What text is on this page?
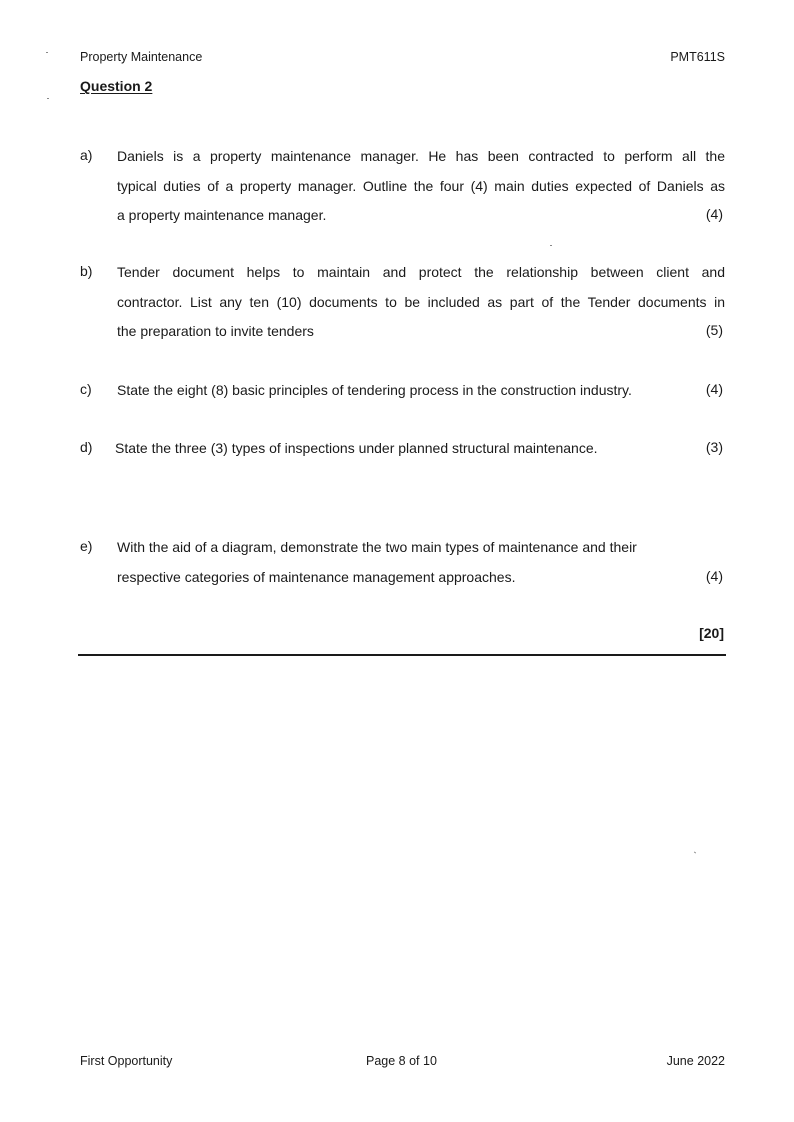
Property Maintenance	PMT611S
Question 2
a) Daniels is a property maintenance manager. He has been contracted to perform all the
typical duties of a property manager. Outline the four (4) main duties expected of Daniels as
a property maintenance manager.	(4)
b) Tender document helps to maintain and protect the relationship between client and
contractor. List any ten (10) documents to be included as part of the Tender documents in
the preparation to invite tenders	(5)
c) State the eight (8) basic principles of tendering process in the construction industry.	(4)
d) State the three (3) types of inspections under planned structural maintenance.	(3)
e) With the aid of a diagram, demonstrate the two main types of maintenance and their
respective categories of maintenance management approaches.	(4)
[20]
First Opportunity	Page 8 of 10	June 2022
